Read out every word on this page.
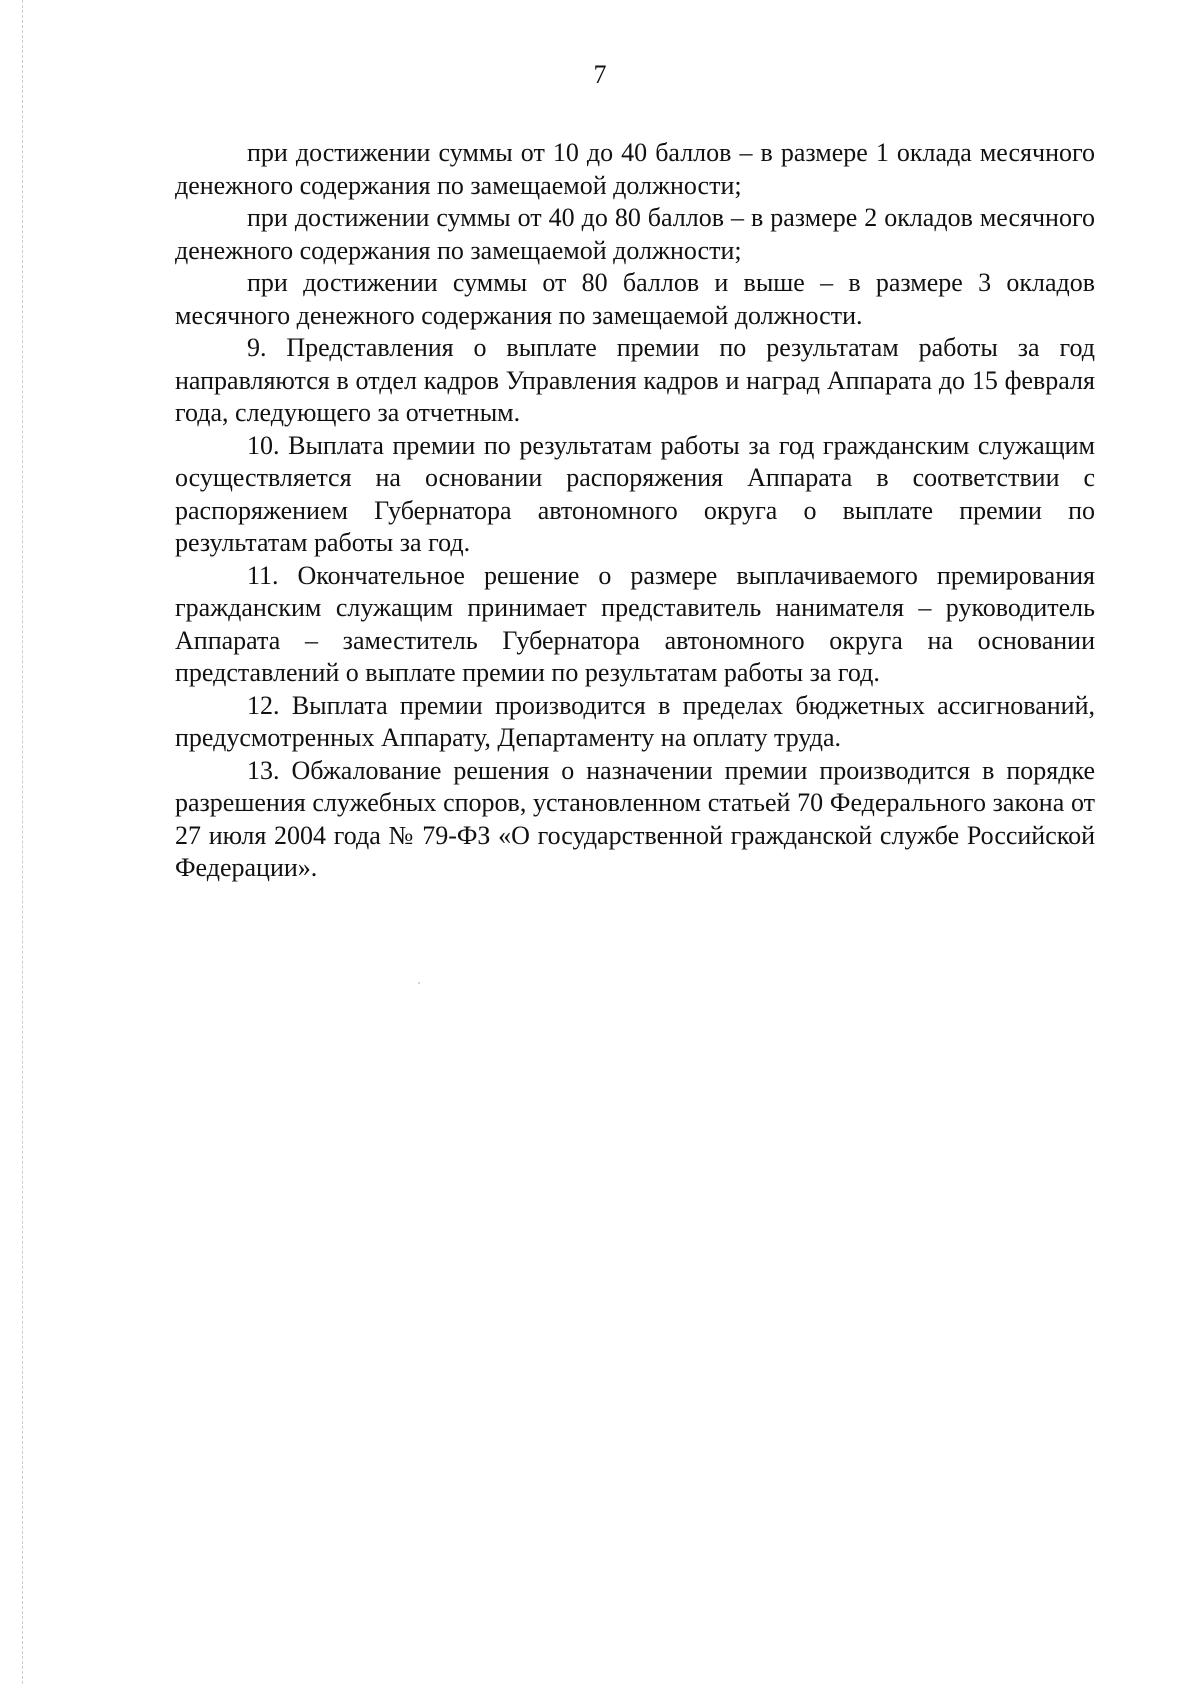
7

при достижении суммы от 10 до 40 баллов – в размере 1 оклада месячного денежного содержания по замещаемой должности;

при достижении суммы от 40 до 80 баллов – в размере 2 окладов месячного денежного содержания по замещаемой должности;

при достижении суммы от 80 баллов и выше – в размере 3 окладов месячного денежного содержания по замещаемой должности.

9. Представления о выплате премии по результатам работы за год направляются в отдел кадров Управления кадров и наград Аппарата до 15 февраля года, следующего за отчетным.

10. Выплата премии по результатам работы за год гражданским служащим осуществляется на основании распоряжения Аппарата в соответствии с распоряжением Губернатора автономного округа о выплате премии по результатам работы за год.

11. Окончательное решение о размере выплачиваемого премирования гражданским служащим принимает представитель нанимателя – руководитель Аппарата – заместитель Губернатора автономного округа на основании представлений о выплате премии по результатам работы за год.

12. Выплата премии производится в пределах бюджетных ассигнований, предусмотренных Аппарату, Департаменту на оплату труда.

13. Обжалование решения о назначении премии производится в порядке разрешения служебных споров, установленном статьей 70 Федерального закона от 27 июля 2004 года № 79-ФЗ «О государственной гражданской службе Российской Федерации».
